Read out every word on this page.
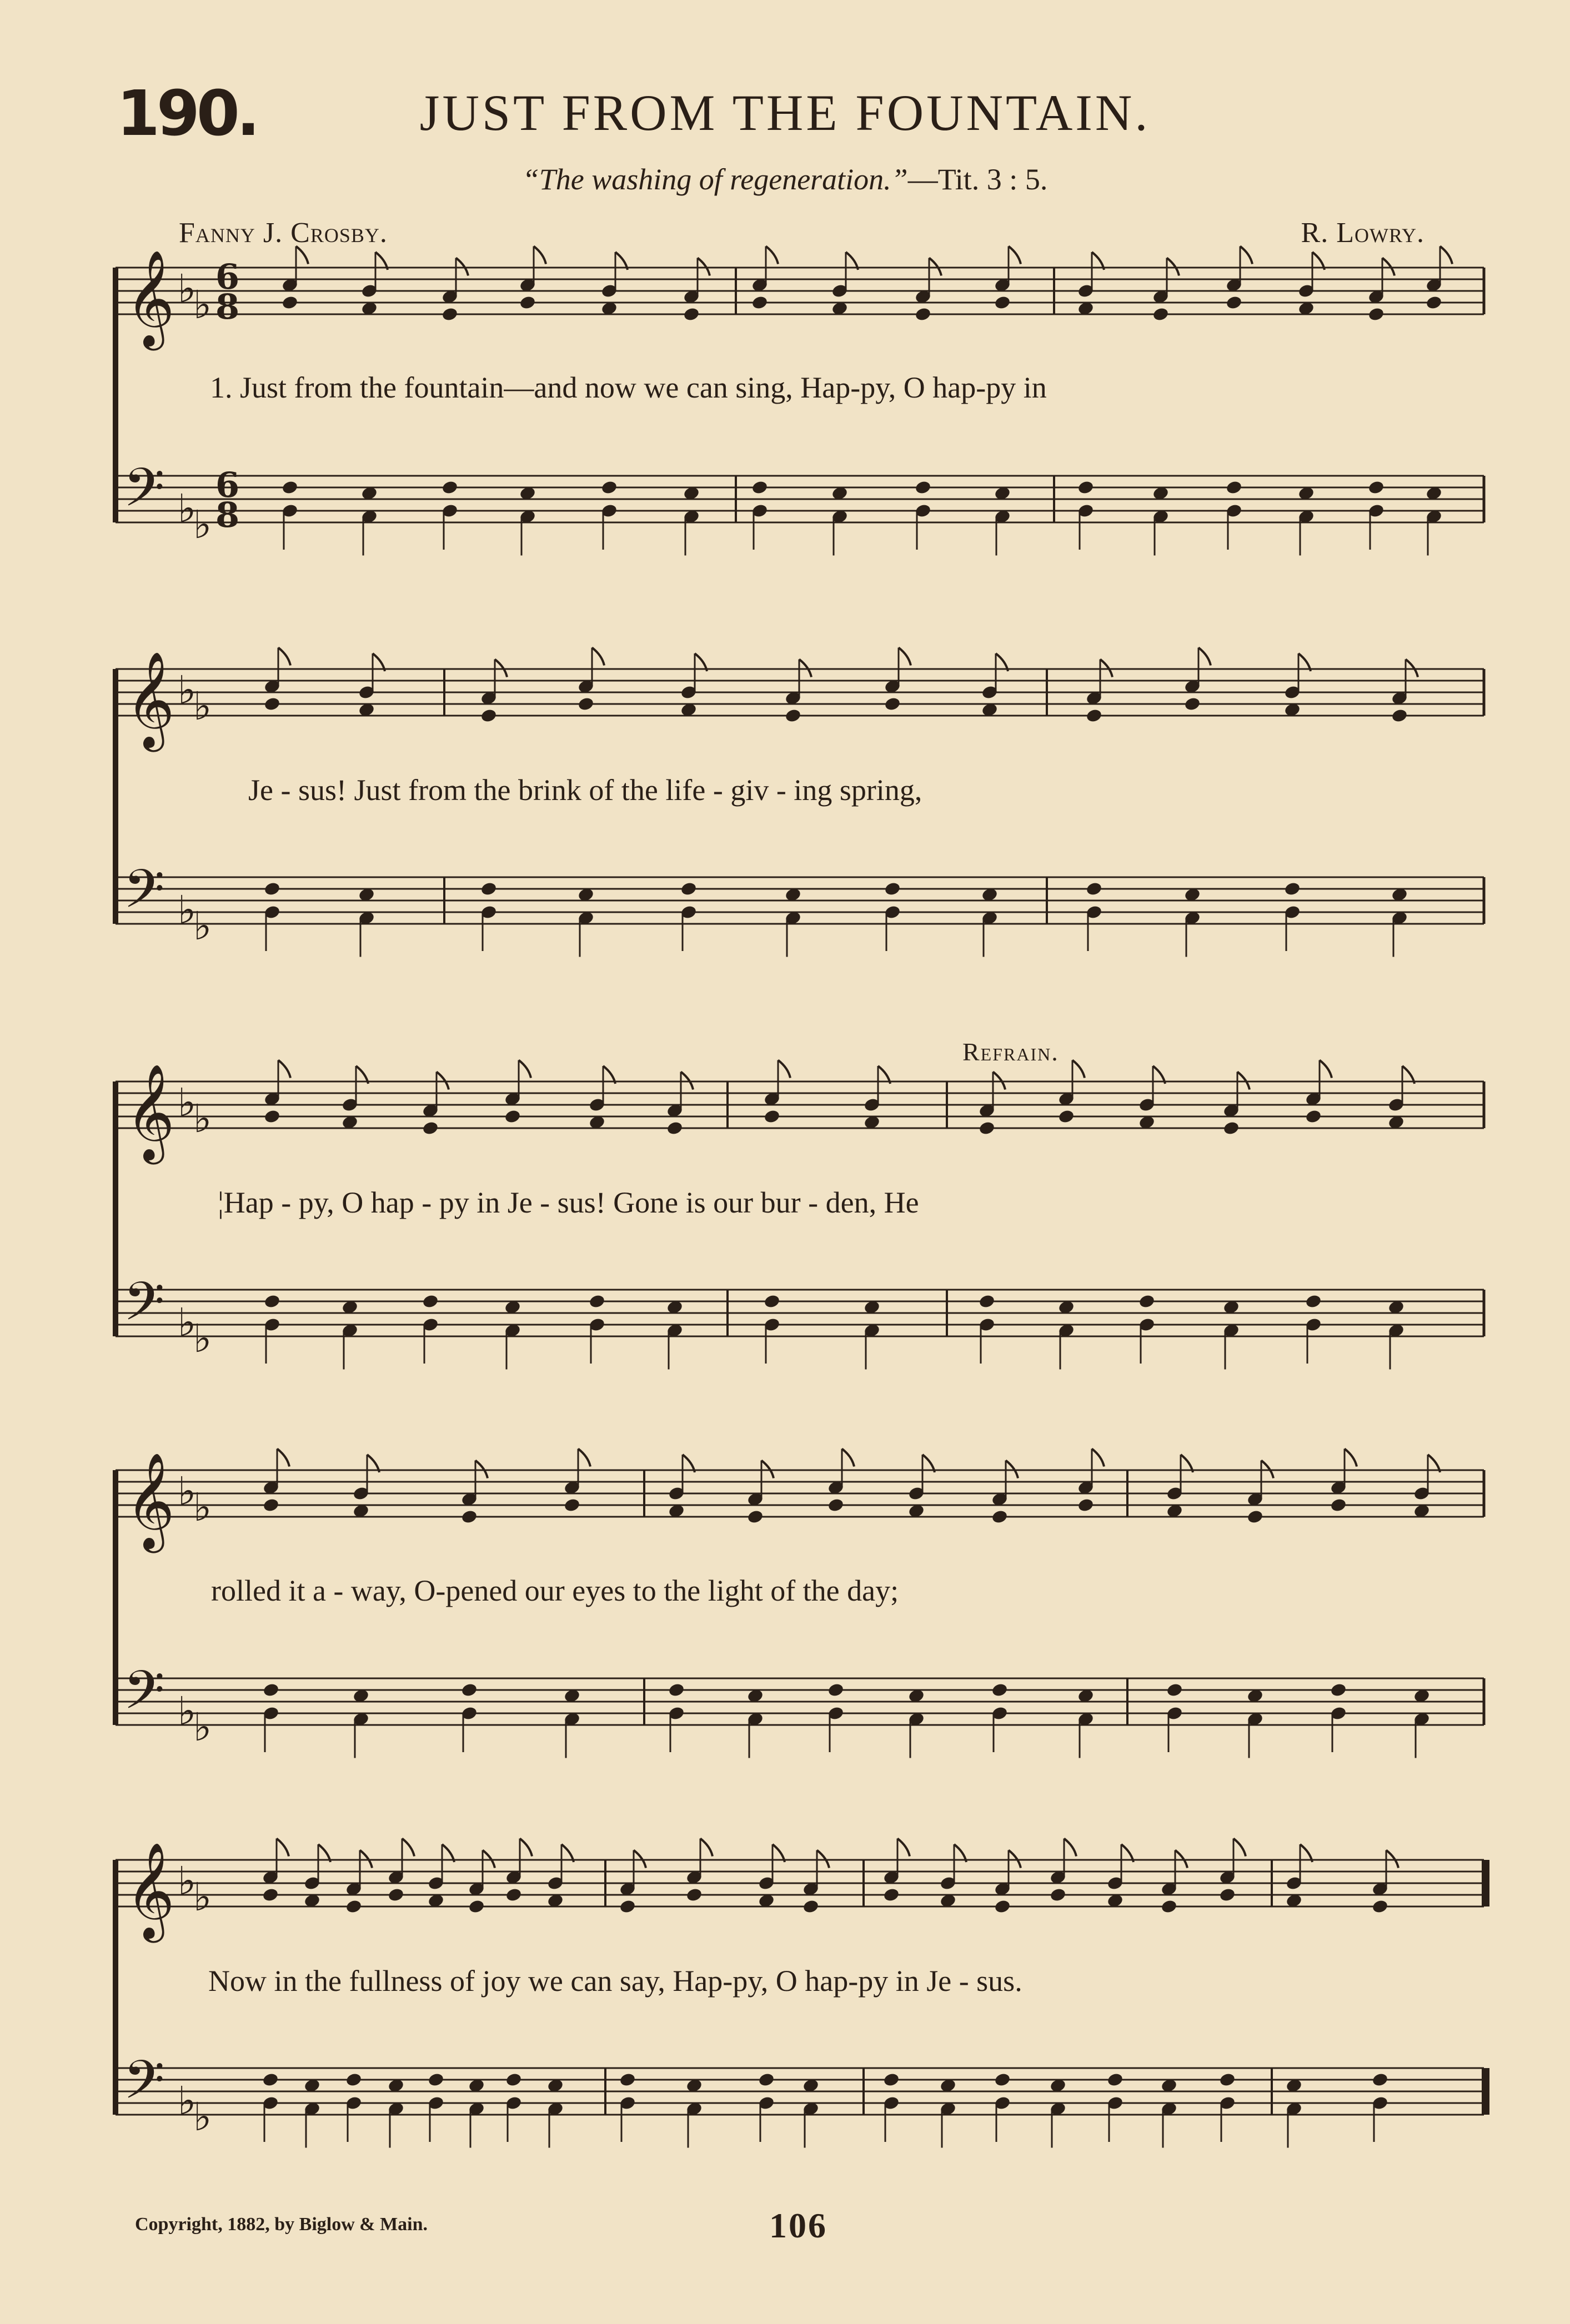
190.	JUST FROM THE FOUNTAIN.
“The washing of regeneration.”—Tit. 3 : 5.
Fanny J. Crosby.	R. Lowry.
Refrain.
𝄞 ♭
♭
6
8
𝄢 ♭
♭
6
8
𝄞 ♭
♭
𝄢 ♭
♭
𝄞 ♭
♭
𝄢 ♭
♭
𝄞 ♭
♭
𝄢 ♭
♭
𝄞 ♭
♭
𝄢 ♭
♭
1. Just from the fountain—and now we can sing, Hap-py, O hap-py in
Je - sus! Just from the brink of the life - giv - ing spring,
¦Hap - py, O hap - py in Je - sus! Gone is our bur - den, He
rolled it a - way, O-pened our eyes to the light of the day;
Now in the fullness of joy we can say, Hap-py, O hap-py in Je - sus.
Copyright, 1882, by Biglow & Main.	106
